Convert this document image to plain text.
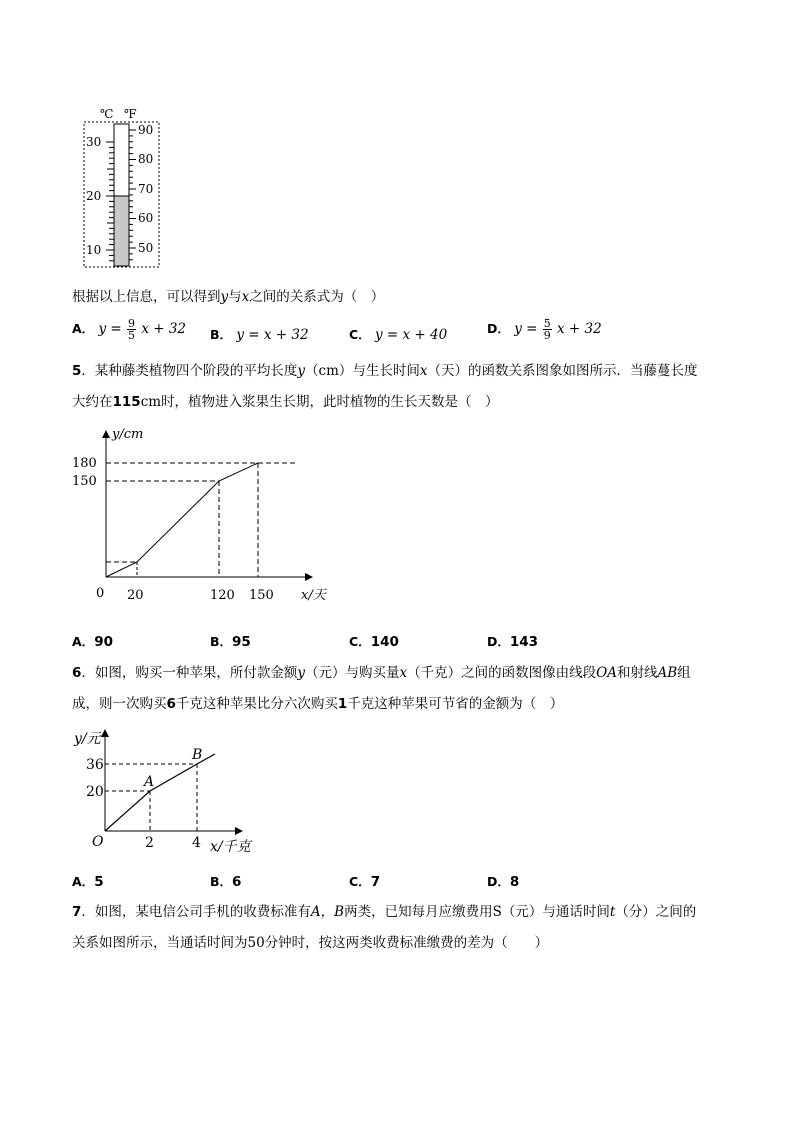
℃ ℉
30
20
10
90
80
70
60
50
根据以上信息，可以得到y与x之间的关系式为（　）
A． $y = \frac{9}{5}$ x + 32 B． y = x + 32	C． y = x + 40	D． $y = \frac{5}{9}$ x + 32
5．某种藤类植物四个阶段的平均长度y（cm）与生长时间x（天）的函数关系图象如图所示．当藤蔓长度
大约在115cm时，植物进入浆果生长期，此时植物的生长天数是（　）
y/cm
180
150
0 20	120 150 x/天
A．90	B．95	C．140	D．143
6．如图，购买一种苹果，所付款金额y（元）与购买量x（千克）之间的函数图像由线段OA和射线AB组
成，则一次购买6千克这种苹果比分六次购买1千克这种苹果可节省的金额为（　）
y/元
36
20
O	2	4 x/千克
A
B
A．5	B．6	C．7	D．8
7．如图，某电信公司手机的收费标准有A，B两类，已知每月应缴费用S（元）与通话时间t（分）之间的
关系如图所示，当通话时间为50分钟时，按这两类收费标准缴费的差为（　　）
